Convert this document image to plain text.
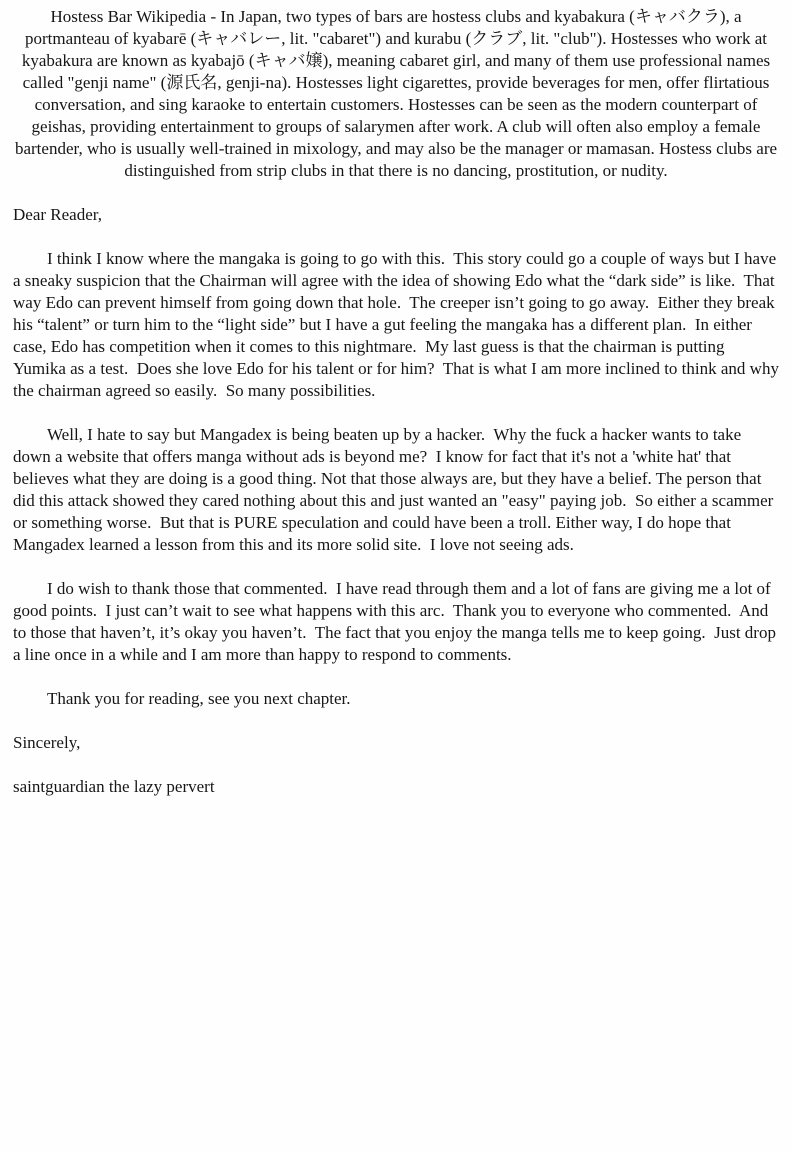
Hostess Bar Wikipedia - In Japan, two types of bars are hostess clubs and kyabakura (キャバクラ), a portmanteau of kyabarē (キャバレー, lit. "cabaret") and kurabu (クラブ, lit. "club"). Hostesses who work at kyabakura are known as kyabajō (キャバ嬢), meaning cabaret girl, and many of them use professional names called "genji name" (源氏名, genji-na). Hostesses light cigarettes, provide beverages for men, offer flirtatious conversation, and sing karaoke to entertain customers. Hostesses can be seen as the modern counterpart of geishas, providing entertainment to groups of salarymen after work. A club will often also employ a female bartender, who is usually well-trained in mixology, and may also be the manager or mamasan. Hostess clubs are distinguished from strip clubs in that there is no dancing, prostitution, or nudity.

Dear Reader,

I think I know where the mangaka is going to go with this.  This story could go a couple of ways but I have a sneaky suspicion that the Chairman will agree with the idea of showing Edo what the “dark side” is like.  That way Edo can prevent himself from going down that hole.  The creeper isn’t going to go away.  Either they break his “talent” or turn him to the “light side” but I have a gut feeling the mangaka has a different plan.  In either case, Edo has competition when it comes to this nightmare.  My last guess is that the chairman is putting Yumika as a test.  Does she love Edo for his talent or for him?  That is what I am more inclined to think and why the chairman agreed so easily.  So many possibilities.

Well, I hate to say but Mangadex is being beaten up by a hacker.  Why the fuck a hacker wants to take down a website that offers manga without ads is beyond me?  I know for fact that it's not a 'white hat' that believes what they are doing is a good thing. Not that those always are, but they have a belief. The person that did this attack showed they cared nothing about this and just wanted an "easy" paying job.  So either a scammer or something worse.  But that is PURE speculation and could have been a troll. Either way, I do hope that Mangadex learned a lesson from this and its more solid site.  I love not seeing ads.

I do wish to thank those that commented.  I have read through them and a lot of fans are giving me a lot of good points.  I just can’t wait to see what happens with this arc.  Thank you to everyone who commented.  And to those that haven’t, it’s okay you haven’t.  The fact that you enjoy the manga tells me to keep going.  Just drop a line once in a while and I am more than happy to respond to comments.

Thank you for reading, see you next chapter.

Sincerely,

saintguardian the lazy pervert
